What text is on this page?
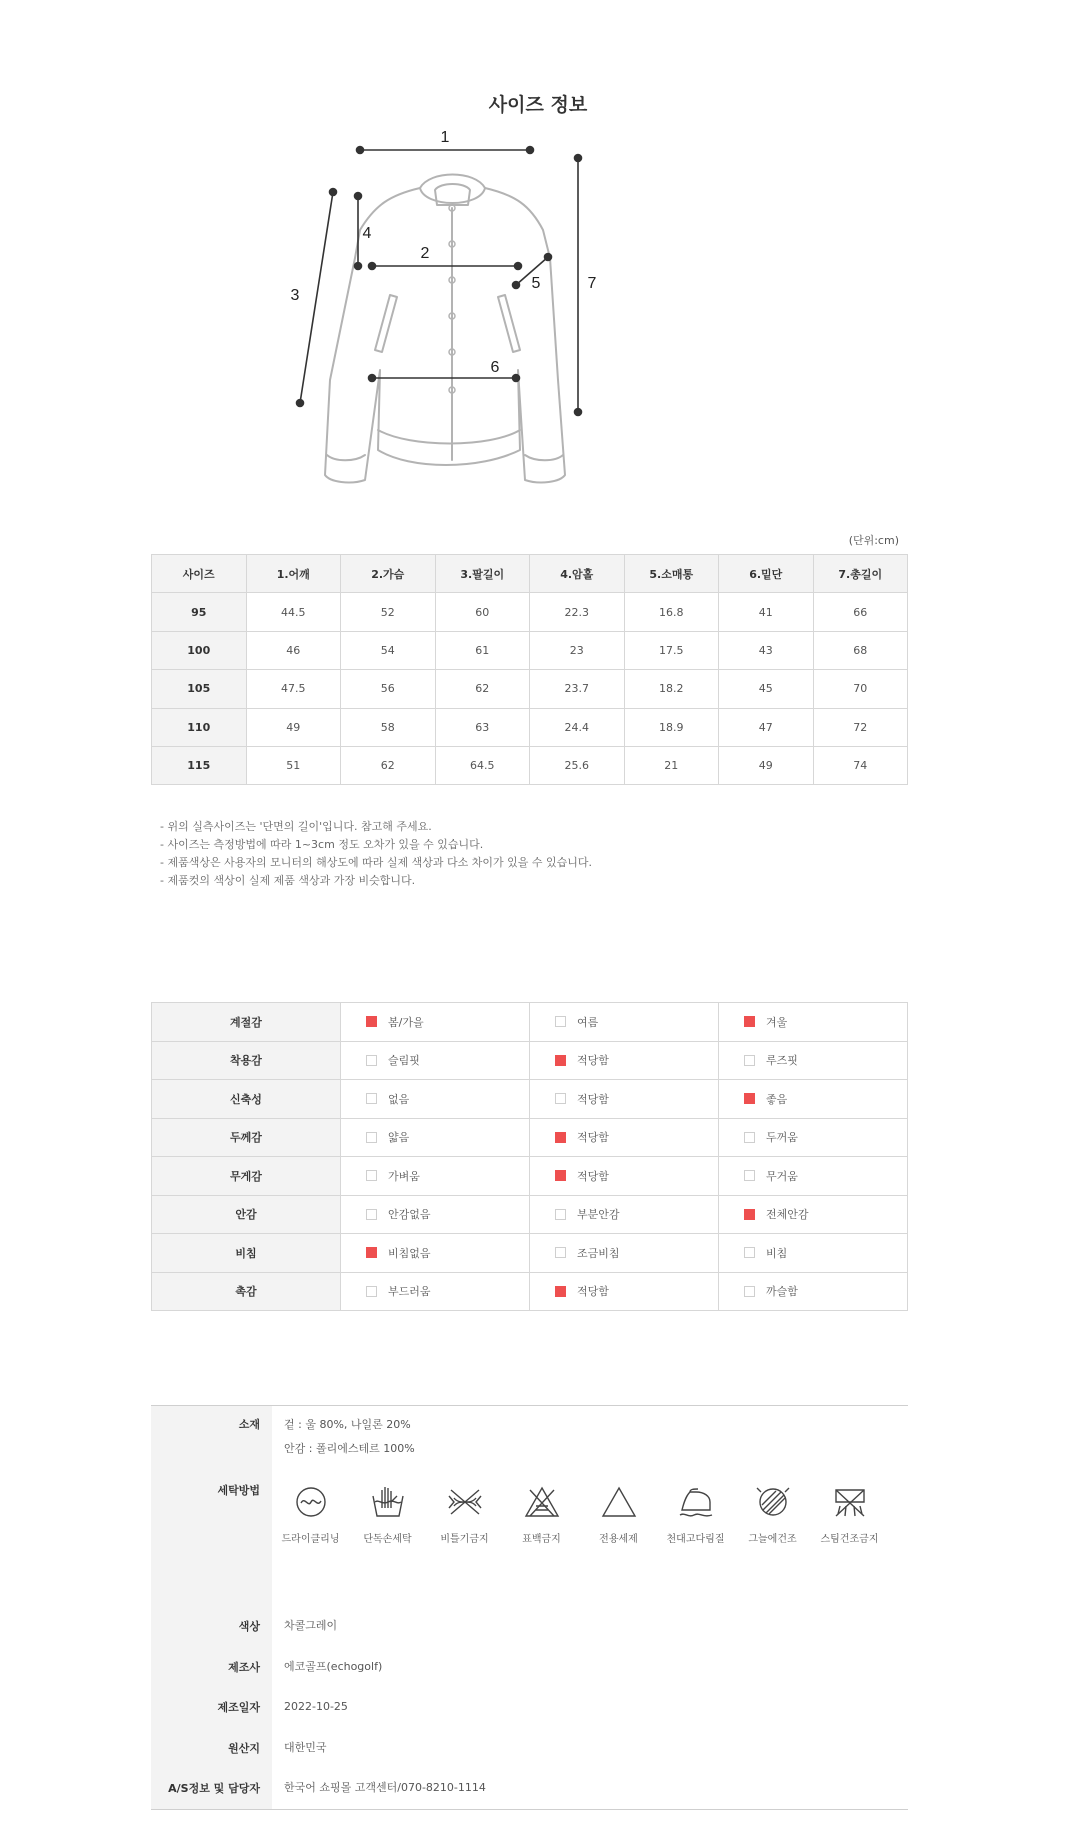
사이즈 정보
1
2
3
4
5
6
7
(단위:cm)
사이즈	1.어깨	2.가슴	3.팔길이	4.암홀	5.소매통	6.밑단	7.총길이
95	44.5	52	60	22.3	16.8	41	66
100	46	54	61	23	17.5	43	68
105	47.5	56	62	23.7	18.2	45	70
110	49	58	63	24.4	18.9	47	72
115	51	62	64.5	25.6	21	49	74
- 위의 실측사이즈는 '단면의 길이'입니다. 참고해 주세요.
- 사이즈는 측정방법에 따라 1~3cm 정도 오차가 있을 수 있습니다.
- 제품색상은 사용자의 모니터의 해상도에 따라 실제 색상과 다소 차이가 있을 수 있습니다.
- 제품컷의 색상이 실제 제품 색상과 가장 비슷합니다.
계절감	봄/가을	여름	겨울
착용감	슬림핏	적당함	루즈핏
신축성	없음	적당함	좋음
두께감	얇음	적당함	두꺼움
무게감	가벼움	적당함	무거움
안감	안감없음	부분안감	전체안감
비침	비침없음	조금비침	비침
촉감	부드러움	적당함	까슬함
소재	겉 : 울 80%, 나일론 20%
안감 : 폴리에스테르 100%
세탁방법
드라이클리닝	단독손세탁	비틀기금지	표백금지	전용세제	천대고다림질	그늘에건조	스팀건조금지
색상	차콜그레이
제조사	에코골프(echogolf)
제조일자	2022-10-25
원산지	대한민국
A/S정보 및 담당자	한국어 쇼핑몰 고객센터/070-8210-1114
